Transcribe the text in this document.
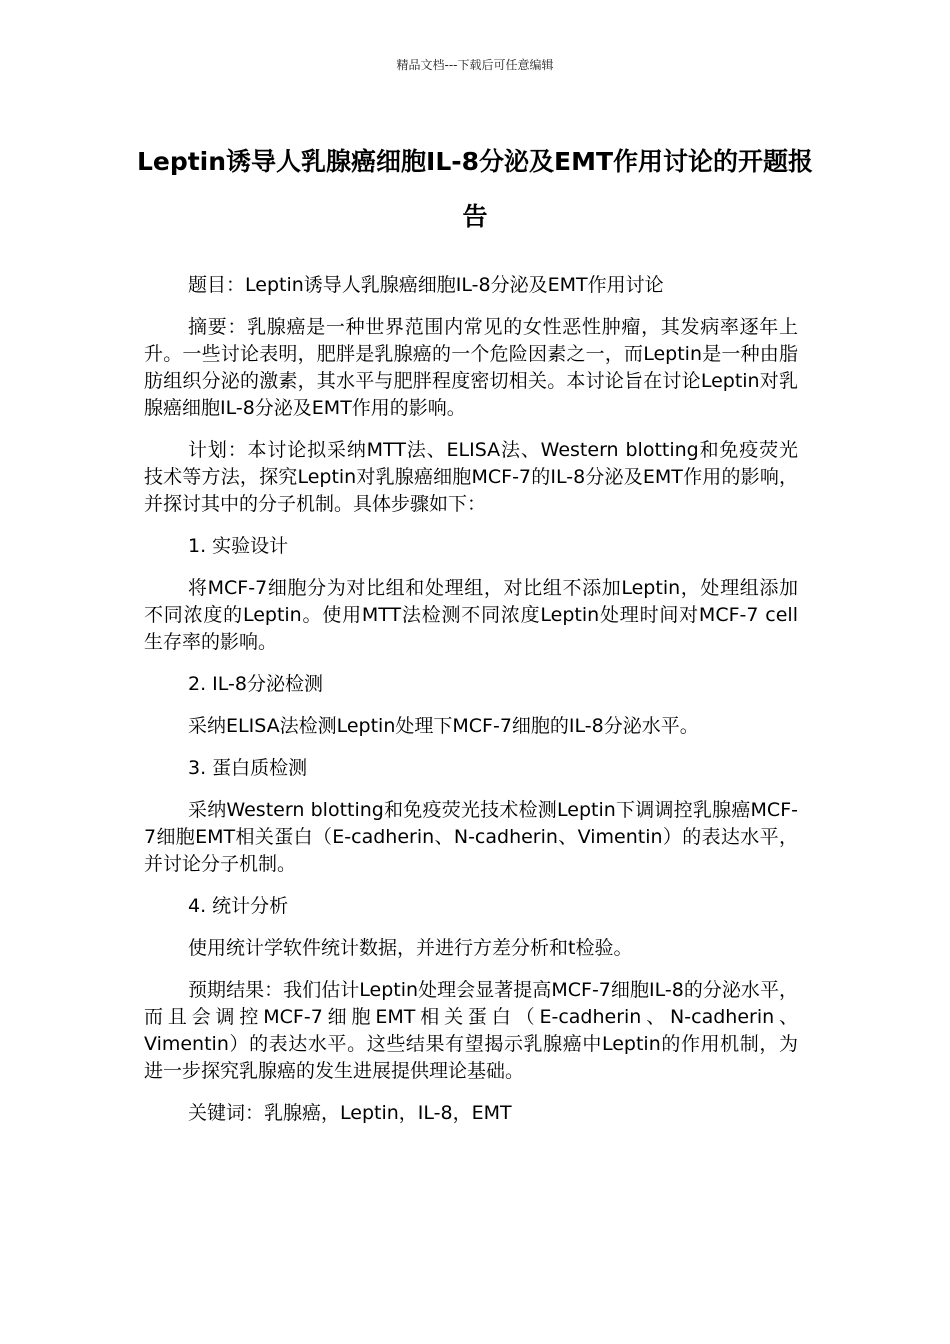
精品文档---下载后可任意编辑
Leptin诱导人乳腺癌细胞IL-8分泌及EMT作用讨论的开题报告

题目：Leptin诱导人乳腺癌细胞IL-8分泌及EMT作用讨论

摘要：乳腺癌是一种世界范围内常见的女性恶性肿瘤，其发病率逐年上升。一些讨论表明，肥胖是乳腺癌的一个危险因素之一，而Leptin是一种由脂肪组织分泌的激素，其水平与肥胖程度密切相关。本讨论旨在讨论Leptin对乳腺癌细胞IL-8分泌及EMT作用的影响。

计划：本讨论拟采纳MTT法、ELISA法、Western blotting和免疫荧光技术等方法，探究Leptin对乳腺癌细胞MCF-7的IL-8分泌及EMT作用的影响，并探讨其中的分子机制。具体步骤如下：

1. 实验设计

将MCF-7细胞分为对比组和处理组，对比组不添加Leptin，处理组添加不同浓度的Leptin。使用MTT法检测不同浓度Leptin处理时间对MCF-7 cell生存率的影响。

2. IL-8分泌检测

采纳ELISA法检测Leptin处理下MCF-7细胞的IL-8分泌水平。

3. 蛋白质检测

采纳Western blotting和免疫荧光技术检测Leptin下调调控乳腺癌MCF-7细胞EMT相关蛋白（E-cadherin、N-cadherin、Vimentin）的表达水平，并讨论分子机制。

4. 统计分析

使用统计学软件统计数据，并进行方差分析和t检验。

预期结果：我们估计Leptin处理会显著提高MCF-7细胞IL-8的分泌水平，而且会调控MCF-7细胞EMT相关蛋白（E-cadherin、N-cadherin、Vimentin）的表达水平。这些结果有望揭示乳腺癌中Leptin的作用机制，为进一步探究乳腺癌的发生进展提供理论基础。

关键词：乳腺癌，Leptin，IL-8，EMT
